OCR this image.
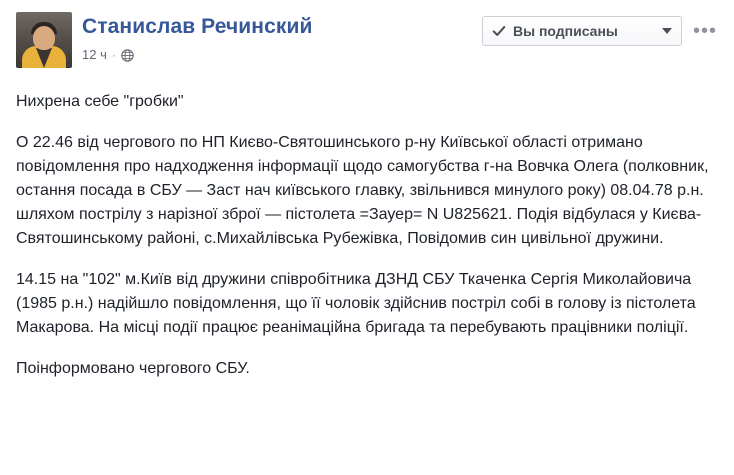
Станислав Речинский
12 ч ·
Вы подписаны	•••

Нихрена себе "гробки"

О 22.46 від чергового по НП Києво-Святошинського р-ну Київської області отримано повідомлення про надходження інформації щодо самогубства г-на Вовчка Олега (полковник, остання посада в СБУ — Заст нач київського главку, звільнився минулого року) 08.04.78 р.н. шляхом пострілу з нарізної зброї — пістолета =Зауер= N U825621. Подія відбулася у Києва-Святошинському районі, с.Михайлівська Рубежівка, Повідомив син цивільної дружини.

14.15 на "102" м.Київ від дружини співробітника ДЗНД СБУ Ткаченка Сергія Миколайовича (1985 р.н.) надійшло повідомлення, що її чоловік здійснив постріл собі в голову із пістолета Макарова. На місці події працює реанімаційна бригада та перебувають працівники поліції.

Поінформовано чергового СБУ.
